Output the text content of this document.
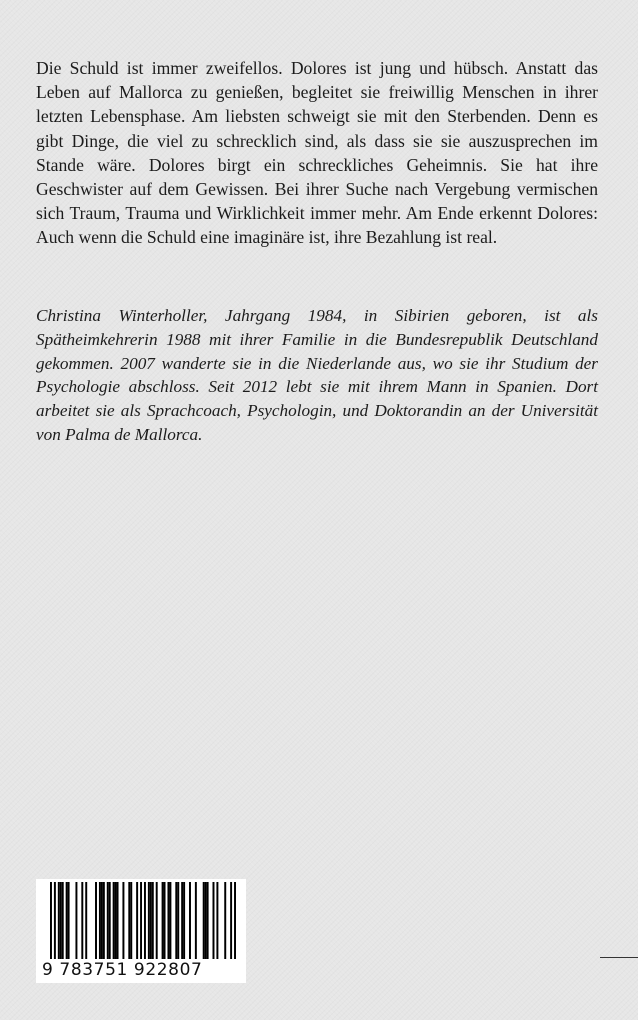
Die Schuld ist immer zweifellos. Dolores ist jung und hübsch. Anstatt das Leben auf Mallorca zu genießen, begleitet sie freiwillig Menschen in ihrer letzten Lebensphase. Am liebsten schweigt sie mit den Sterbenden. Denn es gibt Dinge, die viel zu schrecklich sind, als dass sie sie auszusprechen im Stande wäre. Dolores birgt ein schreckliches Geheimnis. Sie hat ihre Geschwister auf dem Gewissen. Bei ihrer Suche nach Vergebung vermischen sich Traum, Trauma und Wirklichkeit immer mehr. Am Ende erkennt Dolores: Auch wenn die Schuld eine imaginäre ist, ihre Bezahlung ist real.

Christina Winterholler, Jahrgang 1984, in Sibirien geboren, ist als Spätheimkehrerin 1988 mit ihrer Familie in die Bundesrepublik Deutschland gekommen. 2007 wanderte sie in die Niederlande aus, wo sie ihr Studium der Psychologie abschloss. Seit 2012 lebt sie mit ihrem Mann in Spanien. Dort arbeitet sie als Sprachcoach, Psychologin, und Doktorandin an der Universität von Palma de Mallorca.

9 783751 922807
